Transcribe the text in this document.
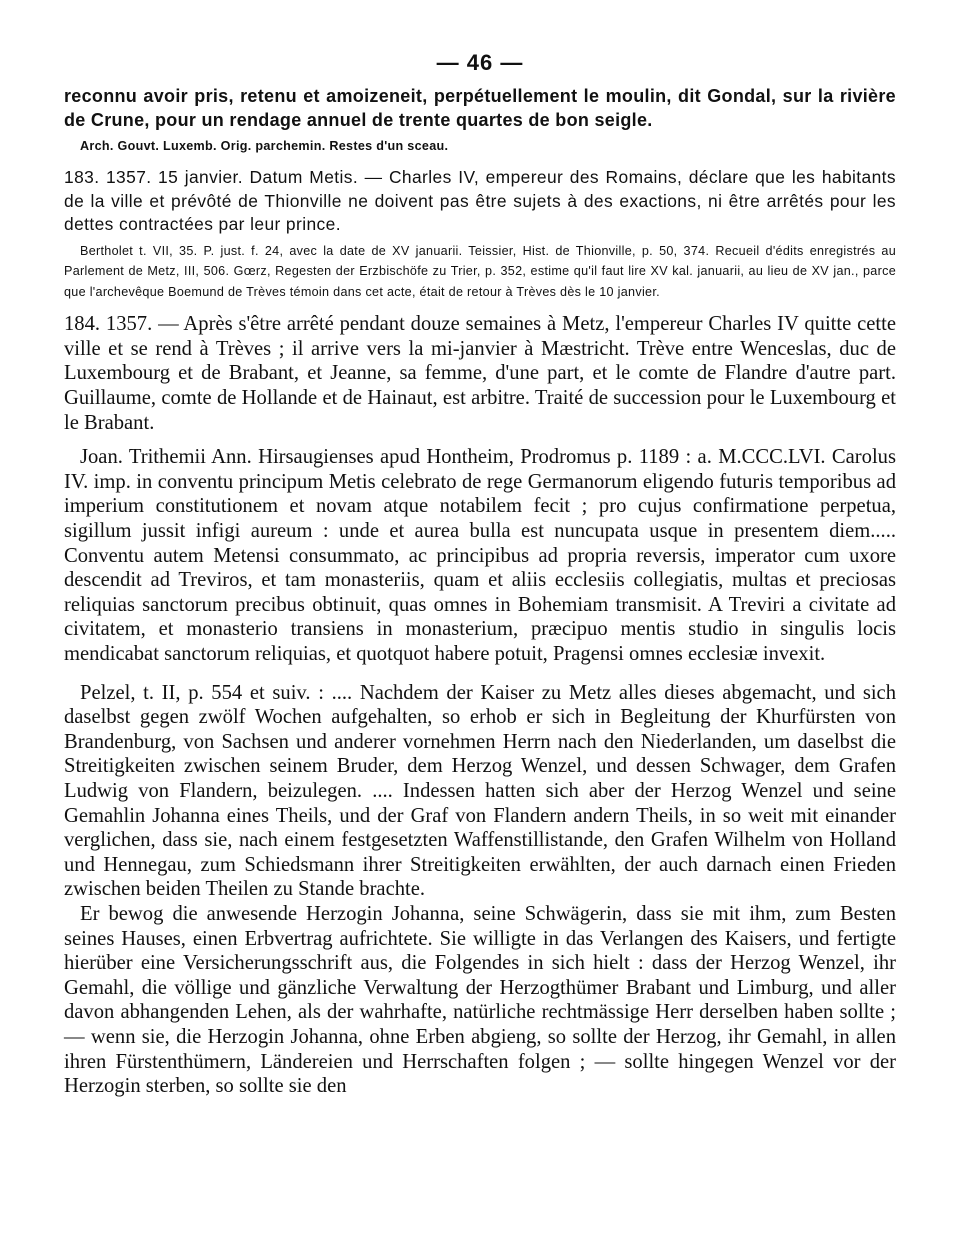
— 46 —

reconnu avoir pris, retenu et amoizeneit, perpétuellement le moulin, dit Gondal, sur la rivière de Crune, pour un rendage annuel de trente quartes de bon seigle.

Arch. Gouvt. Luxemb. Orig. parchemin. Restes d'un sceau.

183. 1357. 15 janvier. Datum Metis. — Charles IV, empereur des Romains, déclare que les habitants de la ville et prévôté de Thionville ne doivent pas être sujets à des exactions, ni être arrêtés pour les dettes contractées par leur prince.

Bertholet t. VII, 35. P. just. f. 24, avec la date de XV januarii. Teissier, Hist. de Thionville, p. 50, 374. Recueil d'édits enregistrés au Parlement de Metz, III, 506. Gœrz, Regesten der Erzbischöfe zu Trier, p. 352, estime qu'il faut lire XV kal. januarii, au lieu de XV jan., parce que l'archevêque Boemund de Trèves témoin dans cet acte, était de retour à Trèves dès le 10 janvier.

184. 1357. — Après s'être arrêté pendant douze semaines à Metz, l'empereur Charles IV quitte cette ville et se rend à Trèves ; il arrive vers la mi-janvier à Mæstricht. Trève entre Wenceslas, duc de Luxembourg et de Brabant, et Jeanne, sa femme, d'une part, et le comte de Flandre d'autre part. Guillaume, comte de Hollande et de Hainaut, est arbitre. Traité de succession pour le Luxembourg et le Brabant.

Joan. Trithemii Ann. Hirsaugienses apud Hontheim, Prodromus p. 1189 : a. M.CCC.LVI. Carolus IV. imp. in conventu principum Metis celebrato de rege Germanorum eligendo futuris temporibus ad imperium constitutionem et novam atque notabilem fecit ; pro cujus confirmatione perpetua, sigillum jussit infigi aureum : unde et aurea bulla est nuncupata usque in presentem diem..... Conventu autem Metensi consummato, ac principibus ad propria reversis, imperator cum uxore descendit ad Treviros, et tam monasteriis, quam et aliis ecclesiis collegiatis, multas et preciosas reliquias sanctorum precibus obtinuit, quas omnes in Bohemiam transmisit. A Treviri a civitate ad civitatem, et monasterio transiens in monasterium, præcipuo mentis studio in singulis locis mendicabat sanctorum reliquias, et quotquot habere potuit, Pragensi omnes ecclesiæ invexit.

Pelzel, t. II, p. 554 et suiv. : .... Nachdem der Kaiser zu Metz alles dieses abgemacht, und sich daselbst gegen zwölf Wochen aufgehalten, so erhob er sich in Begleitung der Khurfürsten von Brandenburg, von Sachsen und anderer vornehmen Herrn nach den Niederlanden, um daselbst die Streitigkeiten zwischen seinem Bruder, dem Herzog Wenzel, und dessen Schwager, dem Grafen Ludwig von Flandern, beizulegen. .... Indessen hatten sich aber der Herzog Wenzel und seine Gemahlin Johanna eines Theils, und der Graf von Flandern andern Theils, in so weit mit einander verglichen, dass sie, nach einem festgesetzten Waffenstillistande, den Grafen Wilhelm von Holland und Hennegau, zum Schiedsmann ihrer Streitigkeiten erwählten, der auch darnach einen Frieden zwischen beiden Theilen zu Stande brachte.

Er bewog die anwesende Herzogin Johanna, seine Schwägerin, dass sie mit ihm, zum Besten seines Hauses, einen Erbvertrag aufrichtete. Sie willigte in das Verlangen des Kaisers, und fertigte hierüber eine Versicherungsschrift aus, die Folgendes in sich hielt : dass der Herzog Wenzel, ihr Gemahl, die völlige und gänzliche Verwaltung der Herzogthümer Brabant und Limburg, und aller davon abhangenden Lehen, als der wahrhafte, natürliche rechtmässige Herr derselben haben sollte ; — wenn sie, die Herzogin Johanna, ohne Erben abgieng, so sollte der Herzog, ihr Gemahl, in allen ihren Fürstenthümern, Ländereien und Herrschaften folgen ; — sollte hingegen Wenzel vor der Herzogin sterben, so sollte sie den
